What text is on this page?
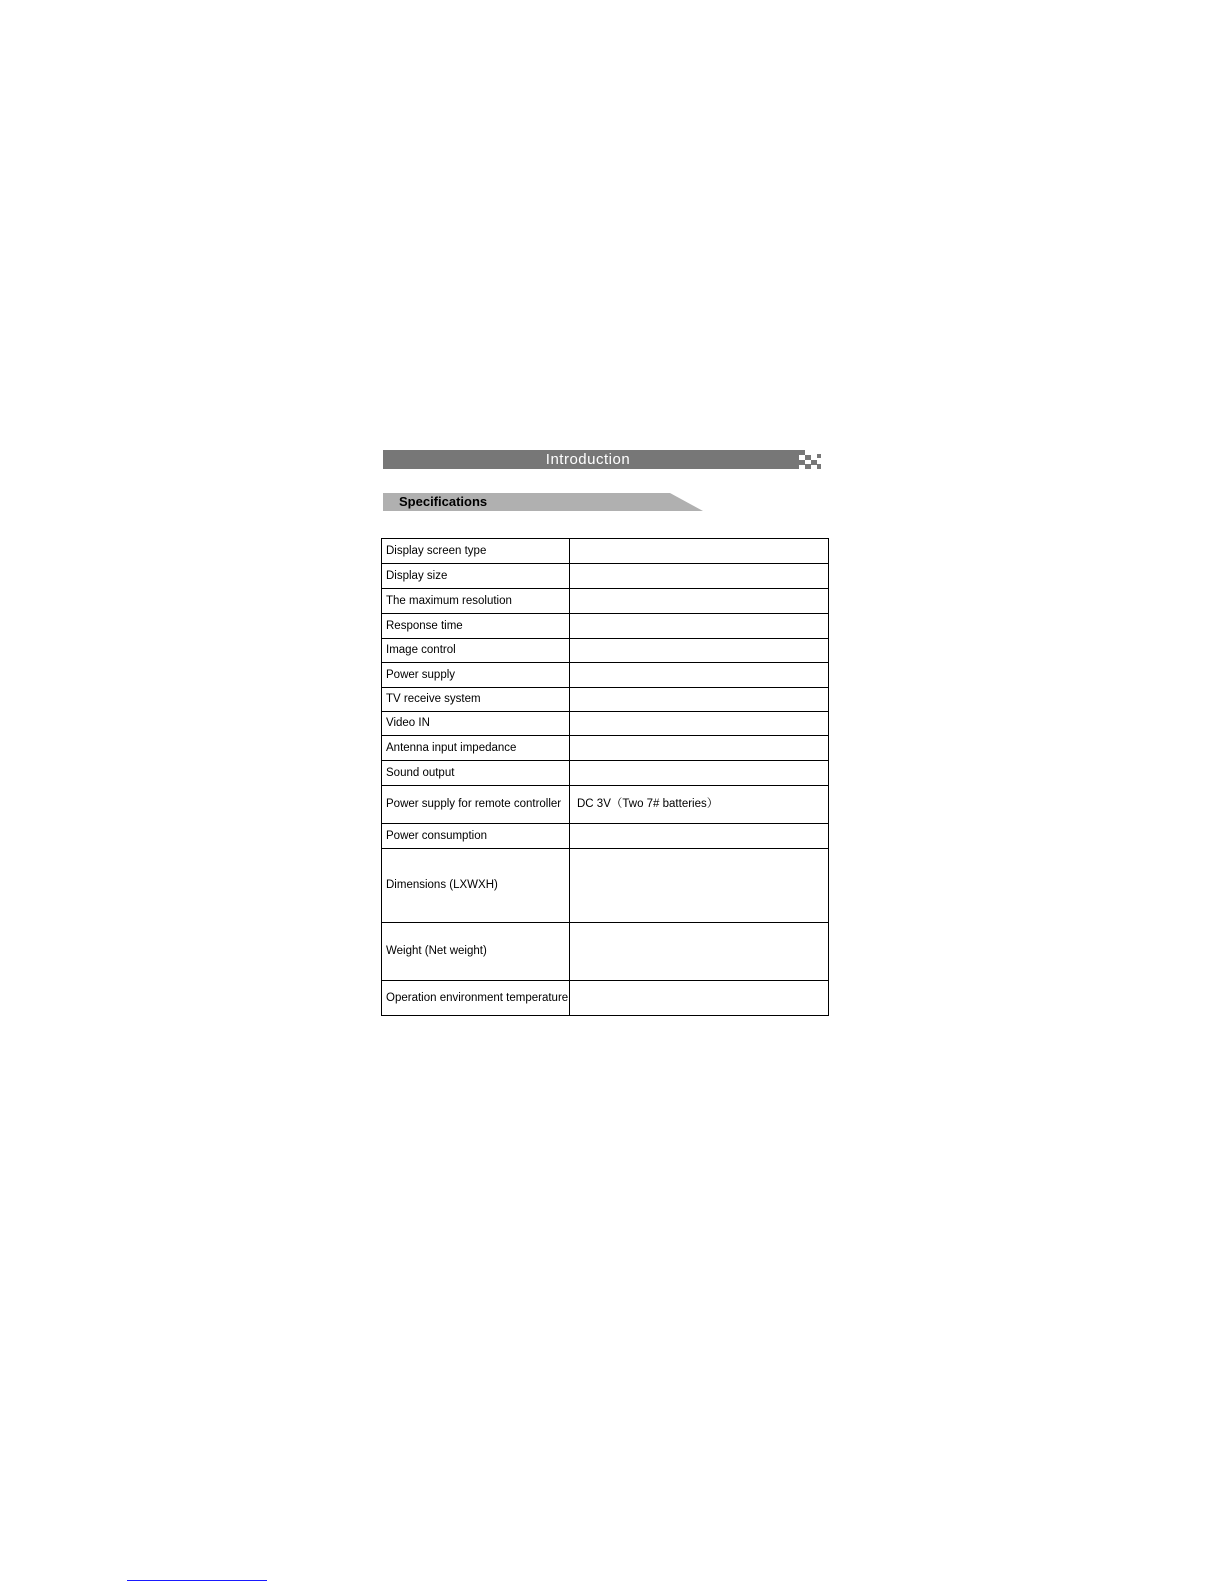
Introduction
Specifications
Display screen type	
Display size	
The maximum resolution	
Response time	
Image control	
Power supply	
TV receive system	
Video IN	
Antenna input impedance	
Sound output	
Power supply for remote controller	DC 3V（Two 7# batteries）
Power consumption	
Dimensions (LXWXH)	
Weight (Net weight)	
Operation environment temperature	
